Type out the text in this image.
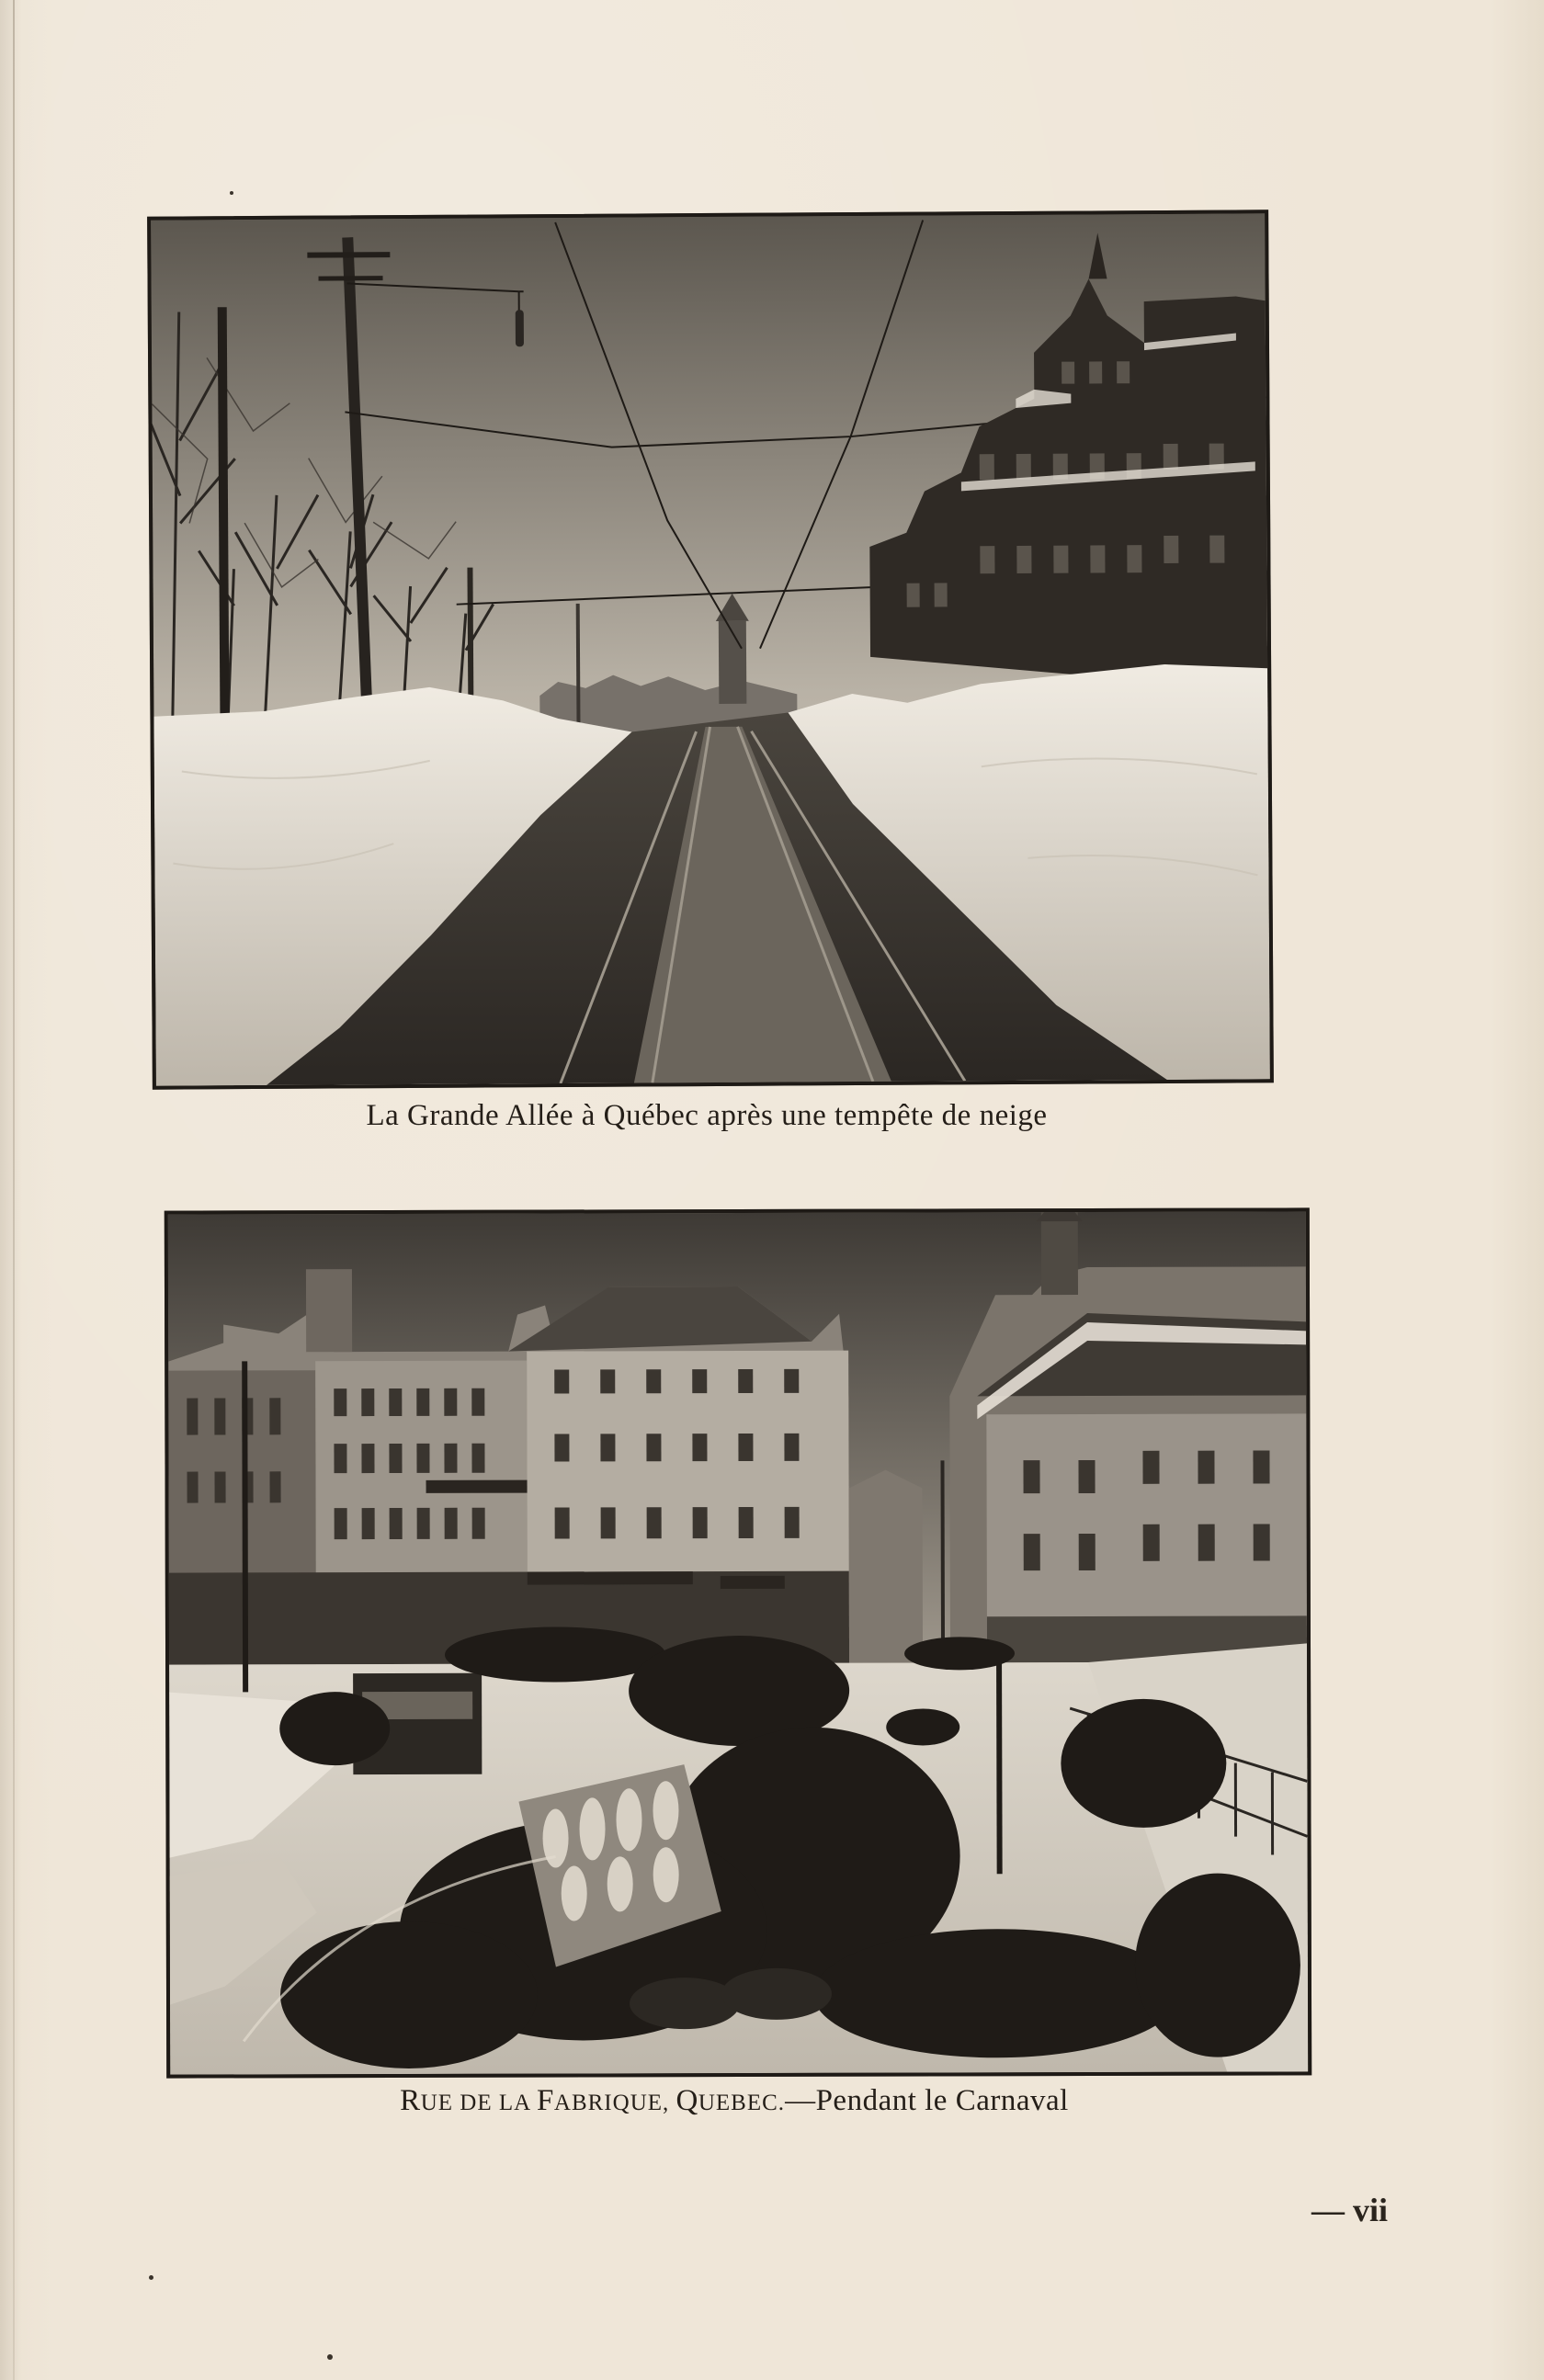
La Grande Allée à Québec après une tempête de neige
RUE DE LA FABRIQUE, QUEBEC.—Pendant le Carnaval
— vii
